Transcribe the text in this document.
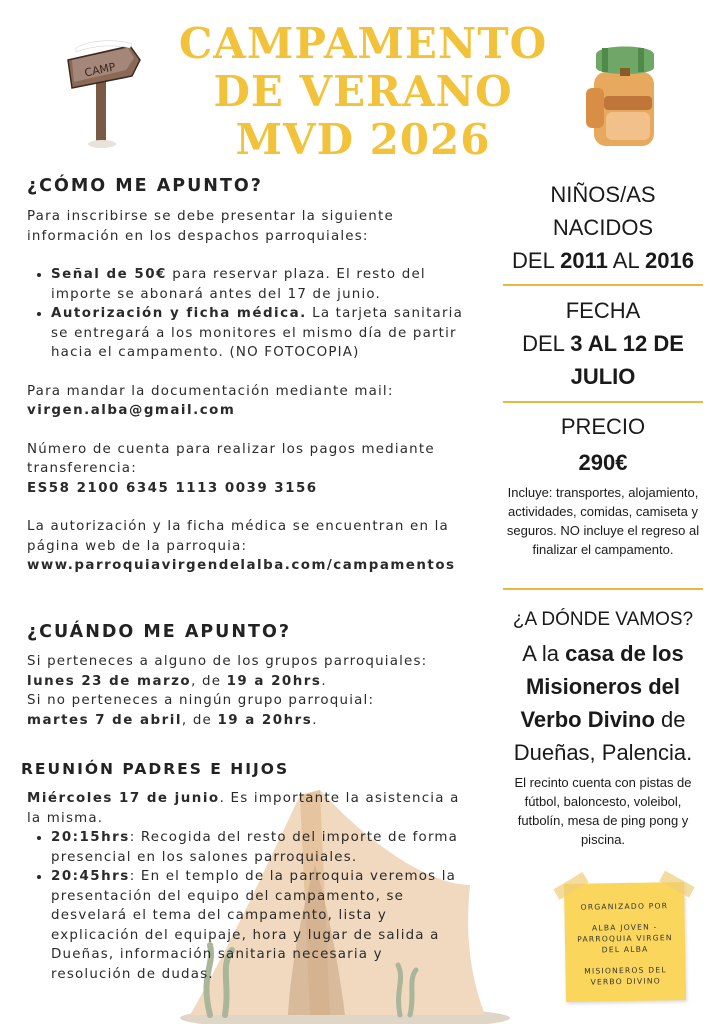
CAMP
CAMPAMENTO
DE VERANO
MVD 2026
¿CÓMO ME APUNTO?
Para inscribirse se debe presentar la siguiente información en los despachos parroquiales:
• Señal de 50€ para reservar plaza. El resto del importe se abonará antes del 17 de junio.
• Autorización y ficha médica. La tarjeta sanitaria se entregará a los monitores el mismo día de partir hacia el campamento. (NO FOTOCOPIA)
Para mandar la documentación mediante mail:
virgen.alba@gmail.com
Número de cuenta para realizar los pagos mediante transferencia:
ES58 2100 6345 1113 0039 3156
La autorización y la ficha médica se encuentran en la página web de la parroquia:
www.parroquiavirgendelalba.com/campamentos
¿CUÁNDO ME APUNTO?
Si perteneces a alguno de los grupos parroquiales:
lunes 23 de marzo, de 19 a 20hrs.
Si no perteneces a ningún grupo parroquial:
martes 7 de abril, de 19 a 20hrs.
REUNIÓN PADRES E HIJOS
Miércoles 17 de junio. Es importante la asistencia a la misma.
• 20:15hrs: Recogida del resto del importe de forma presencial en los salones parroquiales.
• 20:45hrs: En el templo de la parroquia veremos la presentación del equipo del campamento, se desvelará el tema del campamento, lista y explicación del equipaje, hora y lugar de salida a Dueñas, información sanitaria necesaria y resolución de dudas.
NIÑOS/AS
NACIDOS
DEL 2011 AL 2016
FECHA
DEL 3 AL 12 DE
JULIO
PRECIO
290€
Incluye: transportes, alojamiento, actividades, comidas, camiseta y seguros. NO incluye el regreso al finalizar el campamento.
¿A DÓNDE VAMOS?
A la casa de los Misioneros del Verbo Divino de Dueñas, Palencia.
El recinto cuenta con pistas de fútbol, baloncesto, voleibol, futbolín, mesa de ping pong y piscina.
ORGANIZADO POR
ALBA JOVEN - PARROQUIA VIRGEN DEL ALBA
MISIONEROS DEL VERBO DIVINO
